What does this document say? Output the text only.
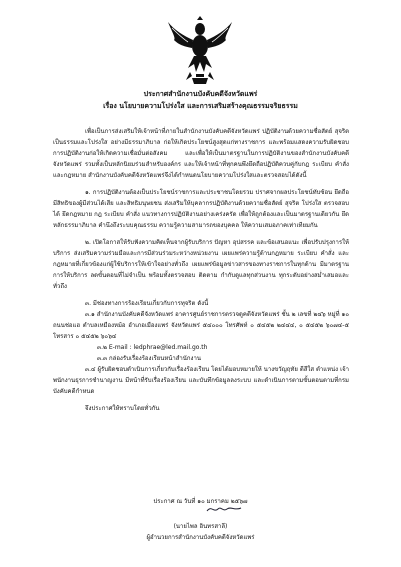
ประกาศสำนักงานบังคับคดีจังหวัดแพร่
เรื่อง นโยบายความโปร่งใส และการเสริมสร้างคุณธรรมจริยธรรม

เพื่อเป็นการส่งเสริมให้เจ้าหน้าที่ภายในสำนักงานบังคับคดีจังหวัดแพร่ ปฏิบัติงานด้วยความซื่อสัตย์ สุจริต เป็นธรรมและโปร่งใส อย่างมีธรรมาภิบาล ก่อให้เกิดประโยชน์สูงสุดแก่ทางราชการ และพร้อมแสดงความรับผิดชอบการปฏิบัติงานก่อให้เกิดความเชื่อมั่นต่อสังคม และเพื่อให้เป็นมาตรฐานในการปฏิบัติงานของสำนักงานบังคับคดีจังหวัดแพร่ รวมทั้งเป็นหลักนิยมร่วมสำหรับองค์กร และให้เจ้าหน้าที่ทุกคนพึงยึดถือปฏิบัติควบคู่กับกฎ ระเบียบ คำสั่ง และกฎหมาย สำนักงานบังคับคดีจังหวัดแพร่จึงได้กำหนดนโยบายความโปร่งใสและตรวจสอบได้ดังนี้

๑. การปฏิบัติงานต้องเป็นประโยชน์ราชการและประชาชนโดยรวม ปราศจากผลประโยชน์ทับซ้อน ยึดถือมีสิทธิของผู้มีส่วนได้เสีย และสิทธิมนุษยชน ส่งเสริมให้บุคลากรปฏิบัติงานด้วยความซื่อสัตย์ สุจริต โปร่งใส ตรวจสอบได้ ยึดกฎหมาย กฎ ระเบียบ คำสั่ง แนวทางการปฏิบัติงานอย่างเคร่งครัด เพื่อให้ถูกต้องและเป็นมาตรฐานเดียวกัน ยึดหลักธรรมาภิบาล คำนึงถึงระบบคุณธรรม ความรู้ความสามารถของบุคคล ให้ความเสมอภาคเท่าเทียมกัน

๒. เปิดโอกาสให้รับฟังความคิดเห็นจากผู้รับบริการ ปัญหา อุปสรรค และข้อเสนอแนะ เพื่อปรับปรุงการให้บริการ ส่งเสริมความร่วมมือและการมีส่วนร่วมระหว่างหน่วยงาน เผยแพร่ความรู้ด้านกฎหมาย ระเบียบ คำสั่ง และกฎหมายที่เกี่ยวข้องแก่ผู้ใช้บริการให้เข้าใจอย่างทั่วถึง เผยแพร่ข้อมูลข่าวสารของทางราชการในทุกด้าน มีมาตรฐานการให้บริการ ลดขั้นตอนที่ไม่จำเป็น พร้อมทั้งตรวจสอบ ติดตาม กำกับดูแลทุกส่วนงาน ทุกระดับอย่างสม่ำเสมอและทั่วถึง

๓. มีช่องทางการร้องเรียนเกี่ยวกับการทุจริต ดังนี้

๓.๑ สำนักงานบังคับคดีจังหวัดแพร่ อาคารศูนย์ราชการตรวจดูคดีจังหวัดแพร่ ชั้น ๒ เลขที่ ๒๔๖ หมู่ที่ ๑๐ ถนนช่อแฮ ตำบลเหมืองหม้อ อำเภอเมืองแพร่ จังหวัดแพร่ ๕๔๐๐๐ โทรศัพท์ ๐ ๕๔๕๒ ๒๔๔๔, ๐ ๕๔๕๒ ๖๐๗๔-๕ โทรสาร ๐ ๕๔๕๒ ๖๐๖๔

๓.๒ E-mail : ledphrae@led.mail.go.th

๓.๓ กล่องรับเรื่องร้องเรียนหน้าสำนักงาน

๓.๔ ผู้รับผิดชอบดำเนินการเกี่ยวกับเรื่องร้องเรียน โดยได้มอบหมายให้ นางขวัญฤทัย ดีสีใส ตำแหน่ง เจ้าพนักงานธุรการชำนาญงาน มีหน้าที่รับเรื่องร้องเรียน และบันทึกข้อมูลลงระบบ และดำเนินการตามขั้นตอนตามที่กรมบังคับคดีกำหนด

จึงประกาศให้ทราบโดยทั่วกัน

ประกาศ ณ วันที่ ๑๐ มกราคม ๒๕๖๗
(นายไพล อินทรสาลี)
ผู้อำนวยการสำนักงานบังคับคดีจังหวัดแพร่
